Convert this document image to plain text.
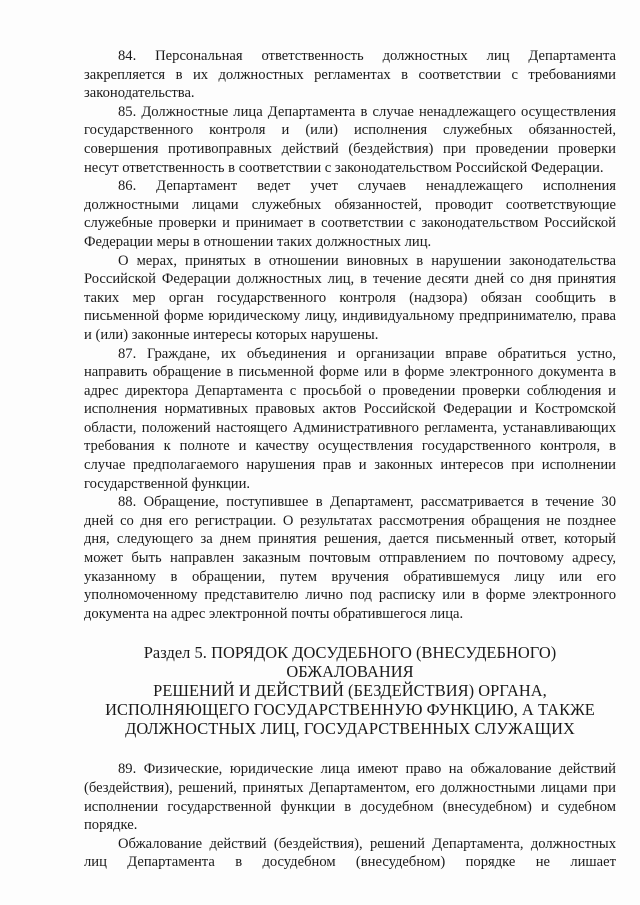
84. Персональная ответственность должностных лиц Департамента закрепляется в их должностных регламентах в соответствии с требованиями законодательства.

85. Должностные лица Департамента в случае ненадлежащего осуществления государственного контроля и (или) исполнения служебных обязанностей, совершения противоправных действий (бездействия) при проведении проверки несут ответственность в соответствии с законодательством Российской Федерации.

86. Департамент ведет учет случаев ненадлежащего исполнения должностными лицами служебных обязанностей, проводит соответствующие служебные проверки и принимает в соответствии с законодательством Российской Федерации меры в отношении таких должностных лиц.

О мерах, принятых в отношении виновных в нарушении законодательства Российской Федерации должностных лиц, в течение десяти дней со дня принятия таких мер орган государственного контроля (надзора) обязан сообщить в письменной форме юридическому лицу, индивидуальному предпринимателю, права и (или) законные интересы которых нарушены.

87. Граждане, их объединения и организации вправе обратиться устно, направить обращение в письменной форме или в форме электронного документа в адрес директора Департамента с просьбой о проведении проверки соблюдения и исполнения нормативных правовых актов Российской Федерации и Костромской области, положений настоящего Административного регламента, устанавливающих требования к полноте и качеству осуществления государственного контроля, в случае предполагаемого нарушения прав и законных интересов при исполнении государственной функции.

88. Обращение, поступившее в Департамент, рассматривается в течение 30 дней со дня его регистрации. О результатах рассмотрения обращения не позднее дня, следующего за днем принятия решения, дается письменный ответ, который может быть направлен заказным почтовым отправлением по почтовому адресу, указанному в обращении, путем вручения обратившемуся лицу или его уполномоченному представителю лично под расписку или в форме электронного документа на адрес электронной почты обратившегося лица.

Раздел 5. ПОРЯДОК ДОСУДЕБНОГО (ВНЕСУДЕБНОГО) ОБЖАЛОВАНИЯ
РЕШЕНИЙ И ДЕЙСТВИЙ (БЕЗДЕЙСТВИЯ) ОРГАНА, ИСПОЛНЯЮЩЕГО ГОСУДАРСТВЕННУЮ ФУНКЦИЮ, А ТАКЖЕ ДОЛЖНОСТНЫХ ЛИЦ, ГОСУДАРСТВЕННЫХ СЛУЖАЩИХ

89. Физические, юридические лица имеют право на обжалование действий (бездействия), решений, принятых Департаментом, его должностными лицами при исполнении государственной функции в досудебном (внесудебном) и судебном порядке.

Обжалование действий (бездействия), решений Департамента, должностных лиц Департамента в досудебном (внесудебном) порядке не лишает
